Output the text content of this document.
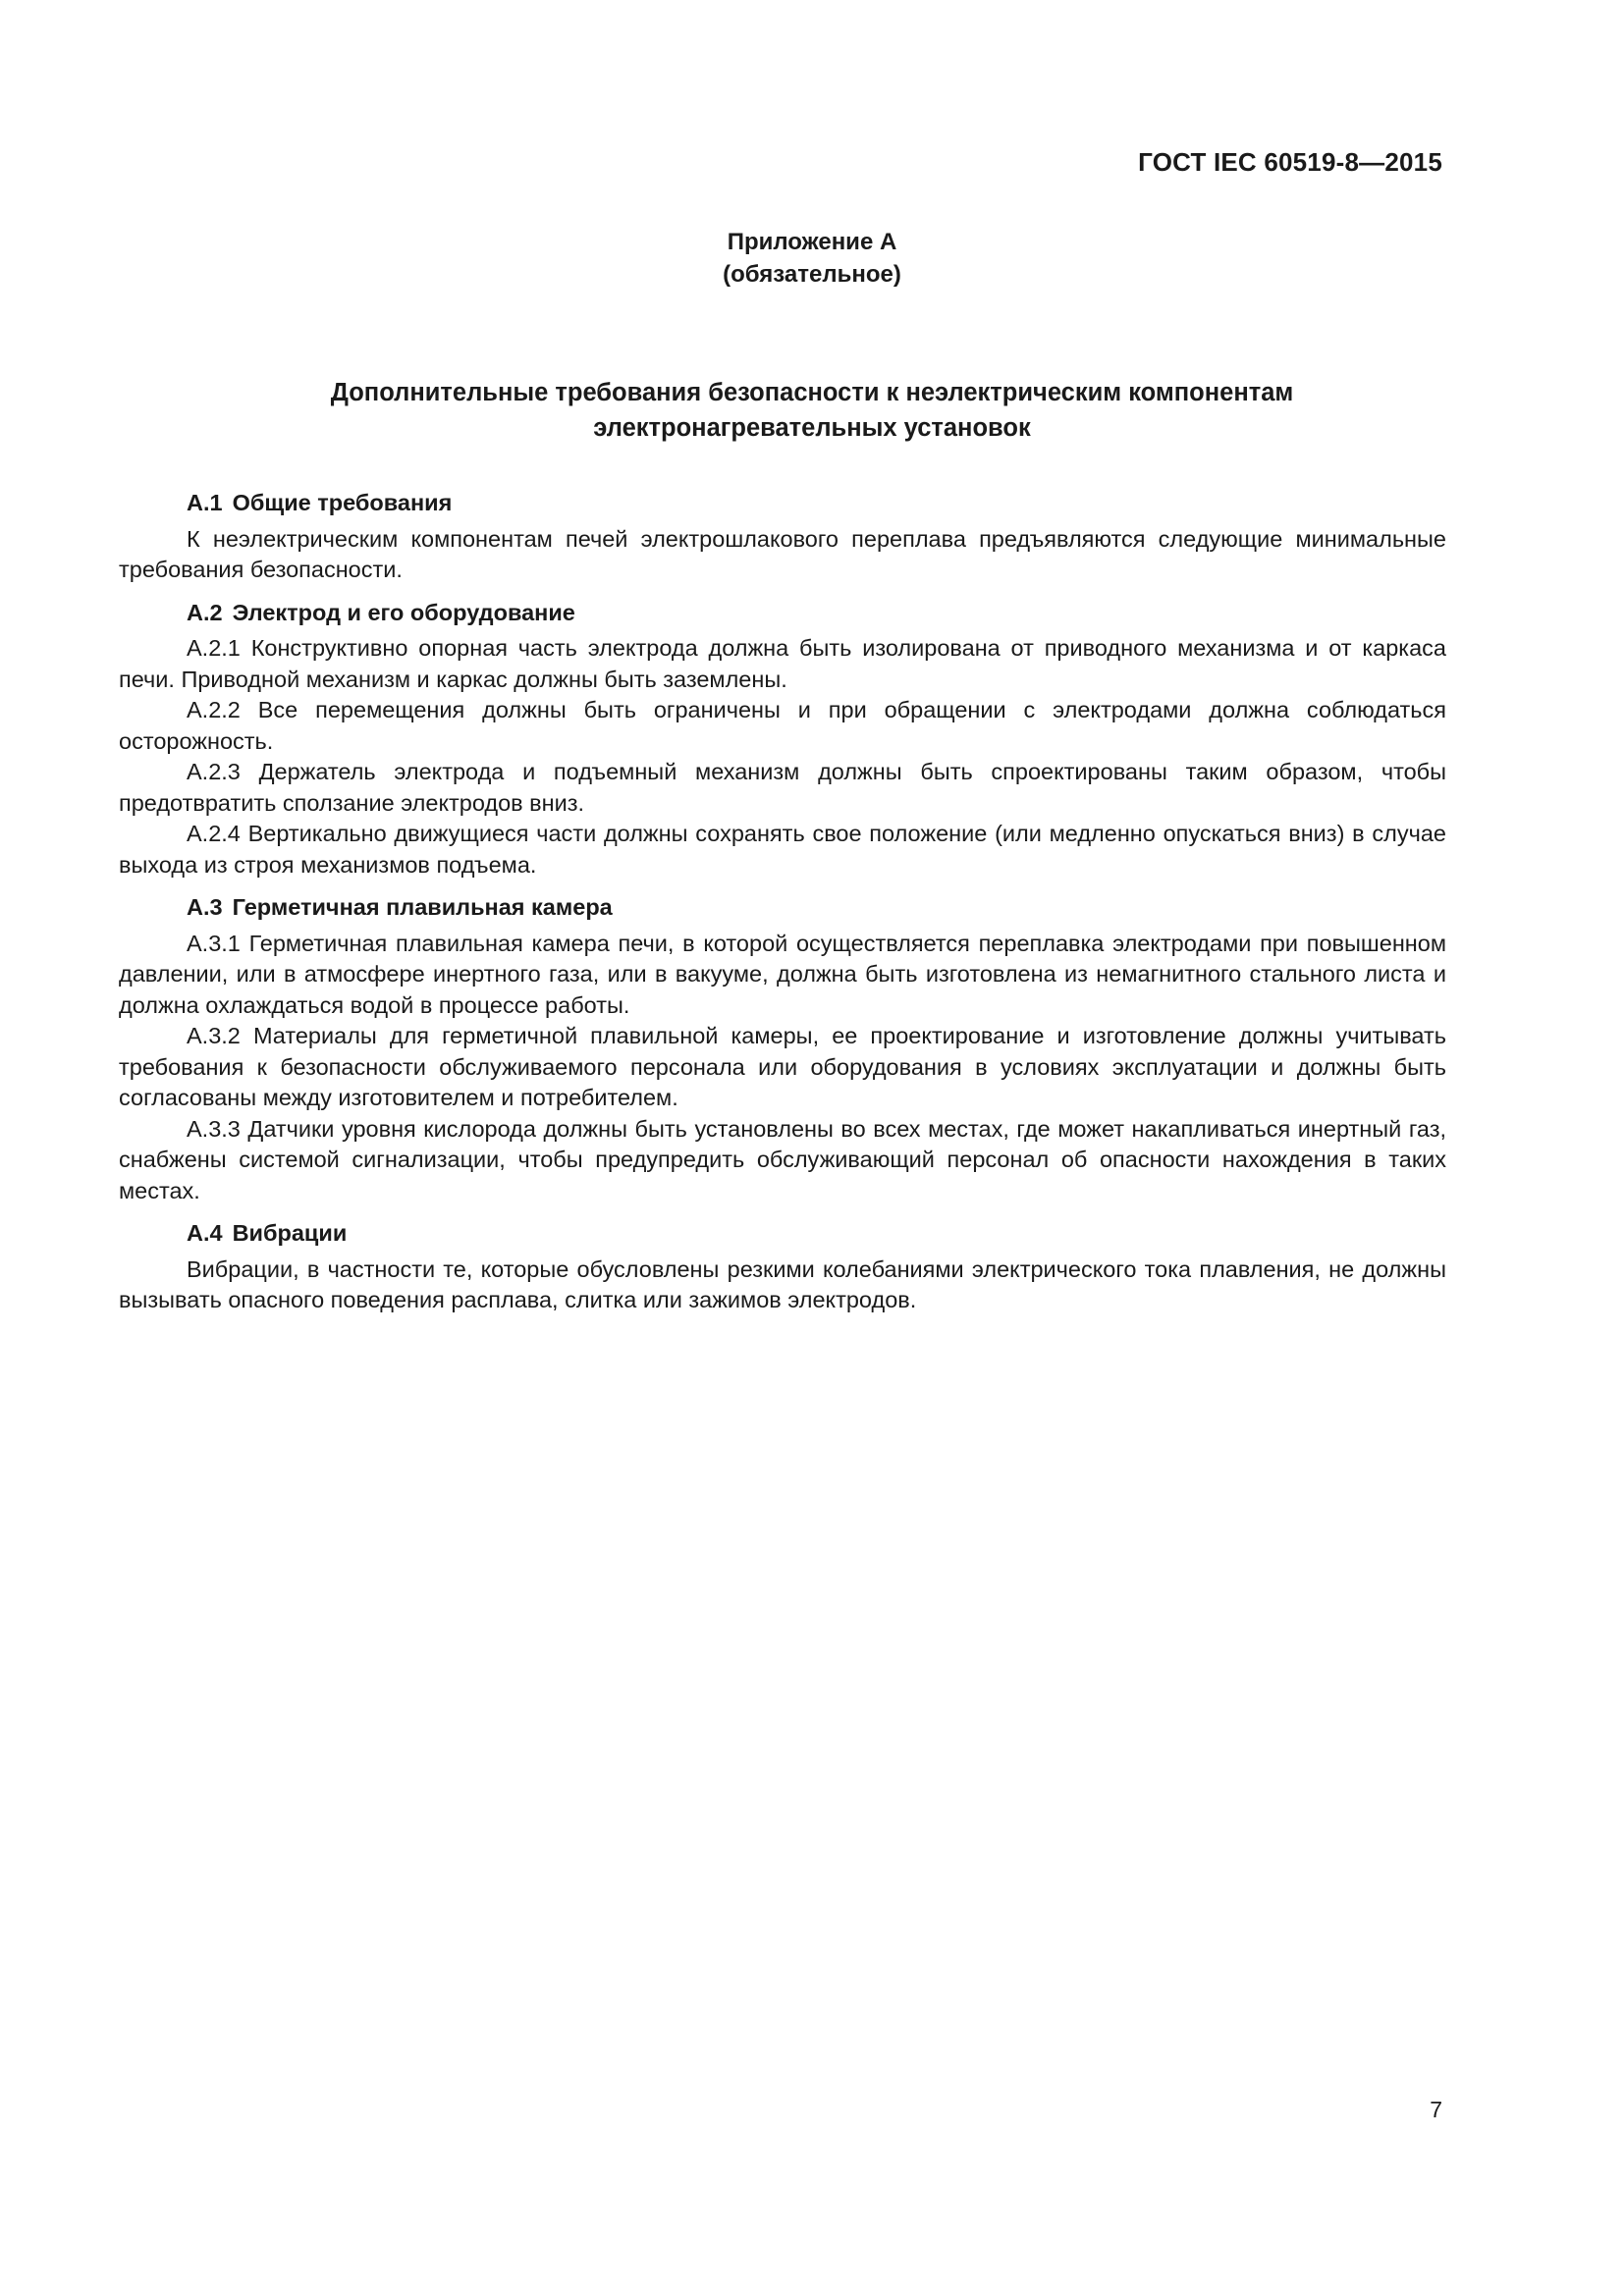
ГОСТ IEC 60519-8—2015
Приложение А
(обязательное)
Дополнительные требования безопасности к неэлектрическим компонентам
электронагревательных установок
А.1 Общие требования

К неэлектрическим компонентам печей электрошлакового переплава предъявляются следующие минимальные требования безопасности.

А.2 Электрод и его оборудование

А.2.1 Конструктивно опорная часть электрода должна быть изолирована от приводного механизма и от каркаса печи. Приводной механизм и каркас должны быть заземлены.

А.2.2 Все перемещения должны быть ограничены и при обращении с электродами должна соблюдаться осторожность.

А.2.3 Держатель электрода и подъемный механизм должны быть спроектированы таким образом, чтобы предотвратить сползание электродов вниз.

А.2.4 Вертикально движущиеся части должны сохранять свое положение (или медленно опускаться вниз) в случае выхода из строя механизмов подъема.

А.3 Герметичная плавильная камера

А.3.1 Герметичная плавильная камера печи, в которой осуществляется переплавка электродами при повышенном давлении, или в атмосфере инертного газа, или в вакууме, должна быть изготовлена из немагнитного стального листа и должна охлаждаться водой в процессе работы.

А.3.2 Материалы для герметичной плавильной камеры, ее проектирование и изготовление должны учитывать требования к безопасности обслуживаемого персонала или оборудования в условиях эксплуатации и должны быть согласованы между изготовителем и потребителем.

А.3.3 Датчики уровня кислорода должны быть установлены во всех местах, где может накапливаться инертный газ, снабжены системой сигнализации, чтобы предупредить обслуживающий персонал об опасности нахождения в таких местах.

А.4 Вибрации

Вибрации, в частности те, которые обусловлены резкими колебаниями электрического тока плавления, не должны вызывать опасного поведения расплава, слитка или зажимов электродов.

7
